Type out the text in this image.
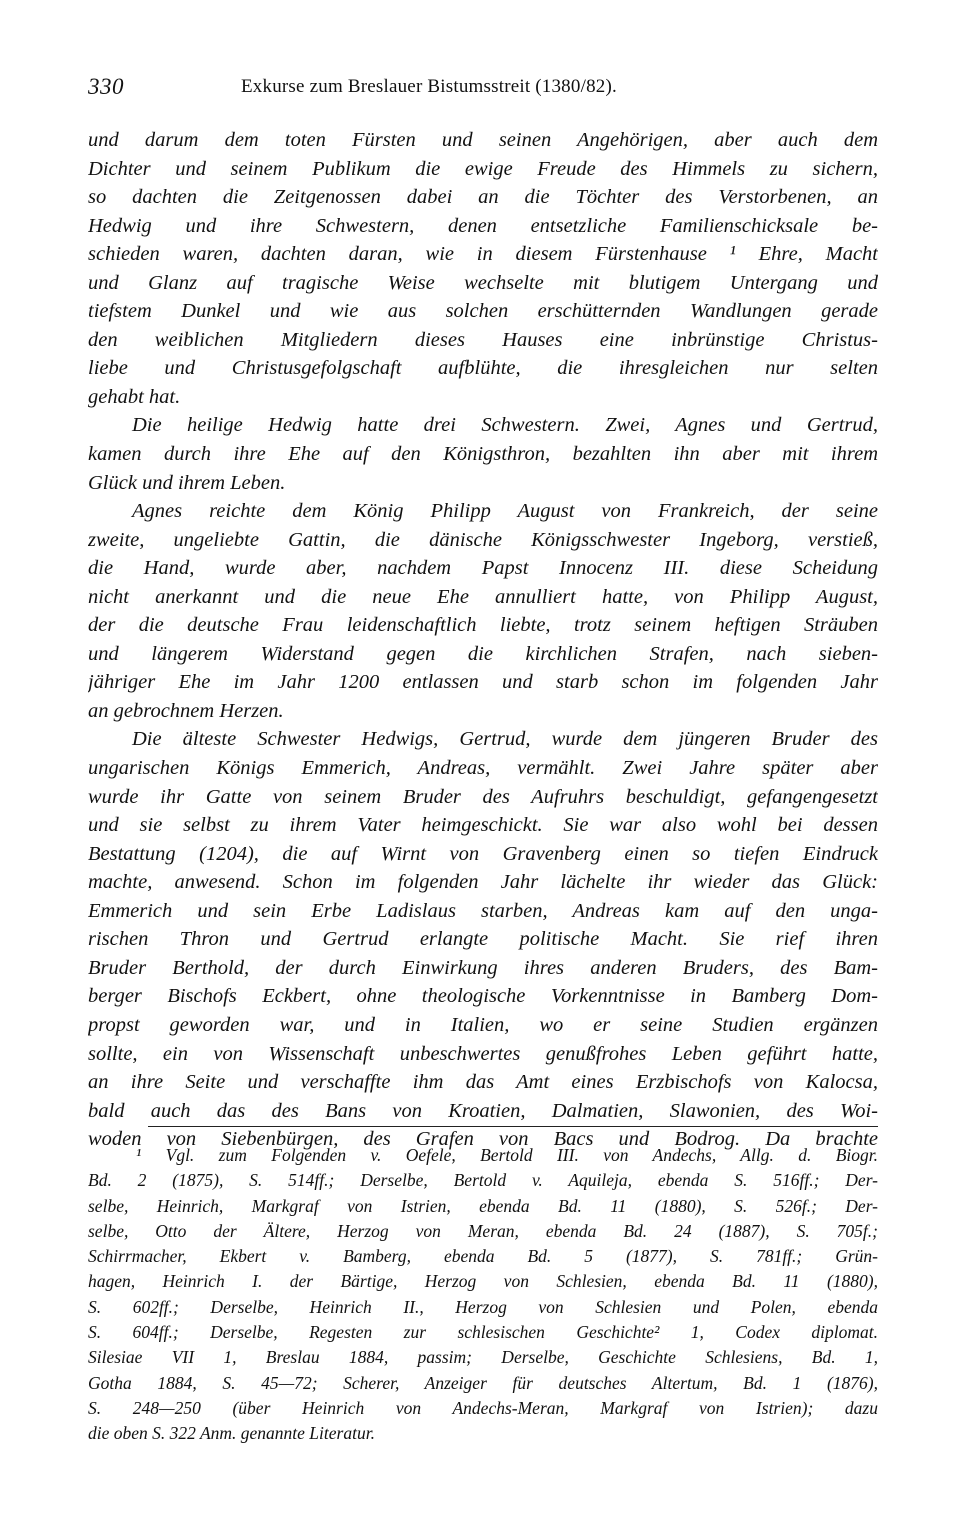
330	Exkurse zum Breslauer Bistumsstreit (1380/82).
und darum dem toten Fürsten und seinen Angehörigen, aber auch dem
Dichter und seinem Publikum die ewige Freude des Himmels zu sichern,
so dachten die Zeitgenossen dabei an die Töchter des Verstorbenen, an
Hedwig und ihre Schwestern, denen entsetzliche Familienschicksale be-
schieden waren, dachten daran, wie in diesem Fürstenhause ¹ Ehre, Macht
und Glanz auf tragische Weise wechselte mit blutigem Untergang und
tiefstem Dunkel und wie aus solchen erschütternden Wandlungen gerade
den weiblichen Mitgliedern dieses Hauses eine inbrünstige Christus-
liebe und Christusgefolgschaft aufblühte, die ihresgleichen nur selten
gehabt hat.
Die heilige Hedwig hatte drei Schwestern. Zwei, Agnes und Gertrud,
kamen durch ihre Ehe auf den Königsthron, bezahlten ihn aber mit ihrem
Glück und ihrem Leben.
Agnes reichte dem König Philipp August von Frankreich, der seine
zweite, ungeliebte Gattin, die dänische Königsschwester Ingeborg, verstieß,
die Hand, wurde aber, nachdem Papst Innocenz III. diese Scheidung
nicht anerkannt und die neue Ehe annulliert hatte, von Philipp August,
der die deutsche Frau leidenschaftlich liebte, trotz seinem heftigen Sträuben
und längerem Widerstand gegen die kirchlichen Strafen, nach sieben-
jähriger Ehe im Jahr 1200 entlassen und starb schon im folgenden Jahr
an gebrochnem Herzen.
Die älteste Schwester Hedwigs, Gertrud, wurde dem jüngeren Bruder des
ungarischen Königs Emmerich, Andreas, vermählt. Zwei Jahre später aber
wurde ihr Gatte von seinem Bruder des Aufruhrs beschuldigt, gefangengesetzt
und sie selbst zu ihrem Vater heimgeschickt. Sie war also wohl bei dessen
Bestattung (1204), die auf Wirnt von Gravenberg einen so tiefen Eindruck
machte, anwesend. Schon im folgenden Jahr lächelte ihr wieder das Glück:
Emmerich und sein Erbe Ladislaus starben, Andreas kam auf den unga-
rischen Thron und Gertrud erlangte politische Macht. Sie rief ihren
Bruder Berthold, der durch Einwirkung ihres anderen Bruders, des Bam-
berger Bischofs Eckbert, ohne theologische Vorkenntnisse in Bamberg Dom-
propst geworden war, und in Italien, wo er seine Studien ergänzen
sollte, ein von Wissenschaft unbeschwertes genußfrohes Leben geführt hatte,
an ihre Seite und verschaffte ihm das Amt eines Erzbischofs von Kalocsa,
bald auch das des Bans von Kroatien, Dalmatien, Slawonien, des Woi-
woden von Siebenbürgen, des Grafen von Bacs und Bodrog. Da brachte
¹ Vgl. zum Folgenden v. Oefele, Bertold III. von Andechs, Allg. d. Biogr.
Bd. 2 (1875), S. 514ff.; Derselbe, Bertold v. Aquileja, ebenda S. 516ff.; Der-
selbe, Heinrich, Markgraf von Istrien, ebenda Bd. 11 (1880), S. 526f.; Der-
selbe, Otto der Ältere, Herzog von Meran, ebenda Bd. 24 (1887), S. 705f.;
Schirrmacher, Ekbert v. Bamberg, ebenda Bd. 5 (1877), S. 781ff.; Grün-
hagen, Heinrich I. der Bärtige, Herzog von Schlesien, ebenda Bd. 11 (1880),
S. 602ff.; Derselbe, Heinrich II., Herzog von Schlesien und Polen, ebenda
S. 604ff.; Derselbe, Regesten zur schlesischen Geschichte² 1, Codex diplomat.
Silesiae VII 1, Breslau 1884, passim; Derselbe, Geschichte Schlesiens, Bd. 1,
Gotha 1884, S. 45—72; Scherer, Anzeiger für deutsches Altertum, Bd. 1 (1876),
S. 248—250 (über Heinrich von Andechs-Meran, Markgraf von Istrien); dazu
die oben S. 322 Anm. genannte Literatur.
